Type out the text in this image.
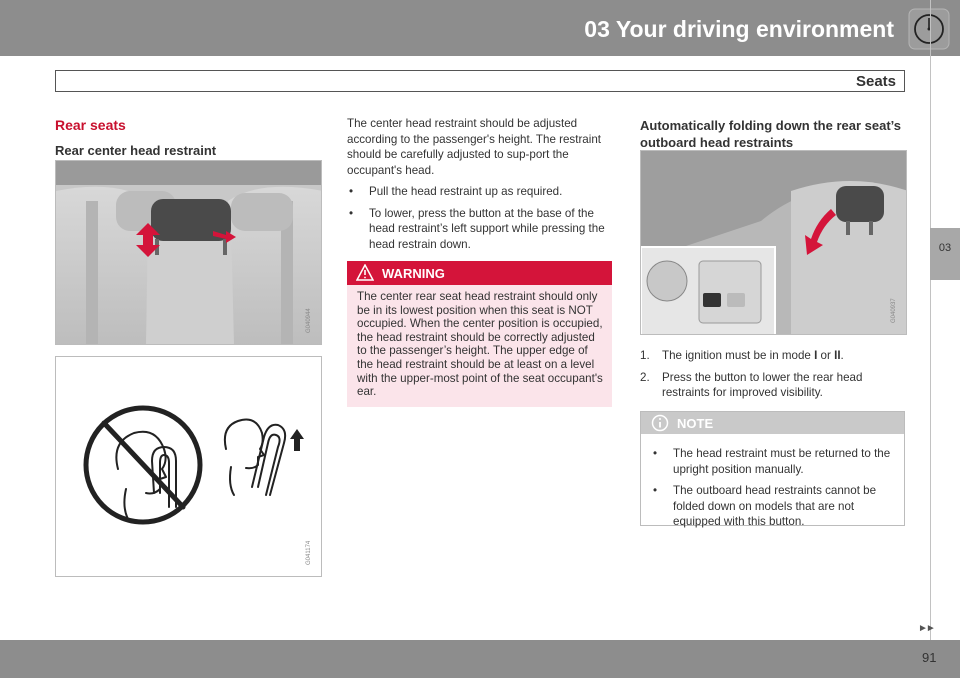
03 Your driving environment
Seats
03
Rear seats
Rear center head restraint
G040944
G041174

The center head restraint should be adjusted according to the passenger's height. The restraint should be carefully adjusted to sup-port the occupant's head.

• Pull the head restraint up as required.
• To lower, press the button at the base of the head restraint’s left support while pressing the head restrain down.
WARNING

The center rear seat head restraint should only be in its lowest position when this seat is NOT occupied. When the center position is occupied, the head restraint should be correctly adjusted to the passenger’s height. The upper edge of the head restraint should be at least on a level with the upper-most point of the seat occupant's ear.

Automatically folding down the rear seat’s outboard head restraints
G040937
1. The ignition must be in mode I or II.
2. Press the button to lower the rear head restraints for improved visibility.
NOTE
• The head restraint must be returned to the upright position manually.
• The outboard head restraints cannot be folded down on models that are not equipped with this button.
►►
91
